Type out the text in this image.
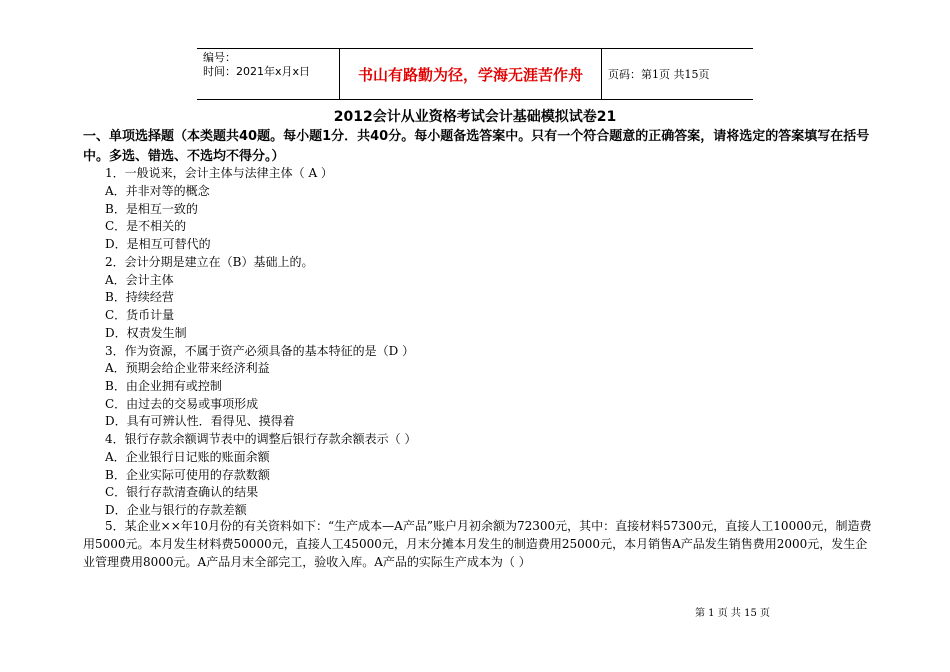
编号：
时间：2021年x月x日	书山有路勤为径，学海无涯苦作舟 页码：第1页 共15页
2012会计从业资格考试会计基础模拟试卷21
一、单项选择题（本类题共40题。每小题1分．共40分。每小题备选答案中。只有一个符合题意的正确答案，请将选定的答案填写在括号中。多选、错选、不选均不得分。）
1．一般说来，会计主体与法律主体（ A ）
A．并非对等的概念
B．是相互一致的
C．是不相关的
D．是相互可替代的
2．会计分期是建立在（B）基础上的。
A．会计主体
B．持续经营
C．货币计量
D．权责发生制
3．作为资源，不属于资产必须具备的基本特征的是（D ）
A．预期会给企业带来经济利益
B．由企业拥有或控制
C．由过去的交易或事项形成
D．具有可辨认性．看得见、摸得着
4．银行存款余额调节表中的调整后银行存款余额表示（ ）
A．企业银行日记账的账面余额
B．企业实际可使用的存款数额
C．银行存款清查确认的结果
D．企业与银行的存款差额
5．某企业××年10月份的有关资料如下：“生产成本—A产品”账户月初余额为72300元，其中：直接材料57300元，直接人工10000元，制造费用5000元。本月发生材料费50000元，直接人工45000元，月末分摊本月发生的制造费用25000元，本月销售A产品发生销售费用2000元，发生企业管理费用8000元。A产品月末全部完工，验收入库。A产品的实际生产成本为（ ）
第 1 页 共 15 页
